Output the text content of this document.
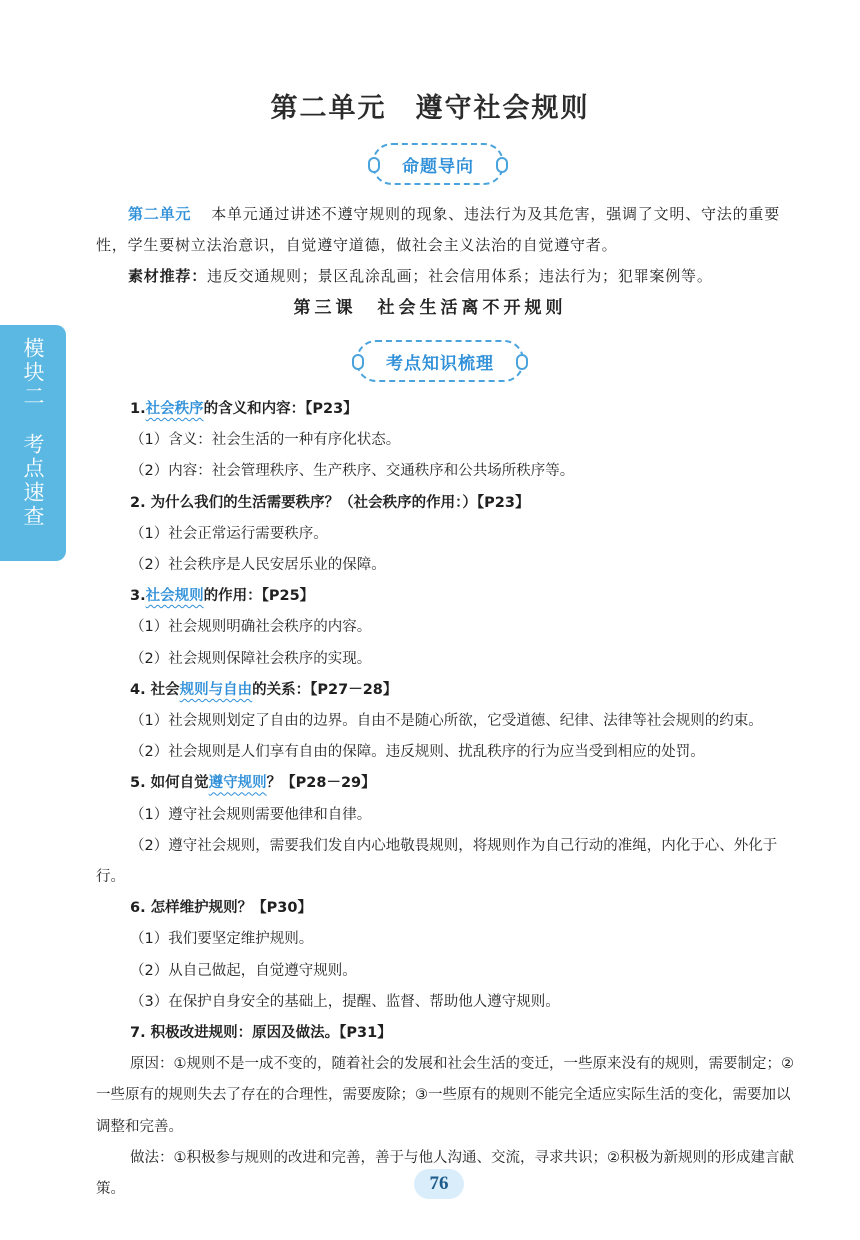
第二单元　遵守社会规则
命题导向

第二单元 本单元通过讲述不遵守规则的现象、违法行为及其危害，强调了文明、守法的重要性，学生要树立法治意识，自觉遵守道德，做社会主义法治的自觉遵守者。

素材推荐：违反交通规则；景区乱涂乱画；社会信用体系；违法行为；犯罪案例等。

第三课　社会生活离不开规则
考点知识梳理
模块二　考点速查	1.社会秩序的含义和内容：【P23】

（1）含义：社会生活的一种有序化状态。

（2）内容：社会管理秩序、生产秩序、交通秩序和公共场所秩序等。

2. 为什么我们的生活需要秩序？（社会秩序的作用：）【P23】

（1）社会正常运行需要秩序。

（2）社会秩序是人民安居乐业的保障。

3.社会规则的作用：【P25】

（1）社会规则明确社会秩序的内容。

（2）社会规则保障社会秩序的实现。

4. 社会规则与自由的关系：【P27－28】

（1）社会规则划定了自由的边界。自由不是随心所欲，它受道德、纪律、法律等社会规则的约束。

（2）社会规则是人们享有自由的保障。违反规则、扰乱秩序的行为应当受到相应的处罚。

5. 如何自觉遵守规则？【P28－29】

（1）遵守社会规则需要他律和自律。

（2）遵守社会规则，需要我们发自内心地敬畏规则，将规则作为自己行动的准绳，内化于心、外化于行。

6. 怎样维护规则？【P30】

（1）我们要坚定维护规则。

（2）从自己做起，自觉遵守规则。

（3）在保护自身安全的基础上，提醒、监督、帮助他人遵守规则。

7. 积极改进规则：原因及做法。【P31】

原因：①规则不是一成不变的，随着社会的发展和社会生活的变迁，一些原来没有的规则，需要制定；②一些原有的规则失去了存在的合理性，需要废除；③一些原有的规则不能完全适应实际生活的变化，需要加以调整和完善。

做法：①积极参与规则的改进和完善，善于与他人沟通、交流，寻求共识；②积极为新规则的形成建言献策。	76
